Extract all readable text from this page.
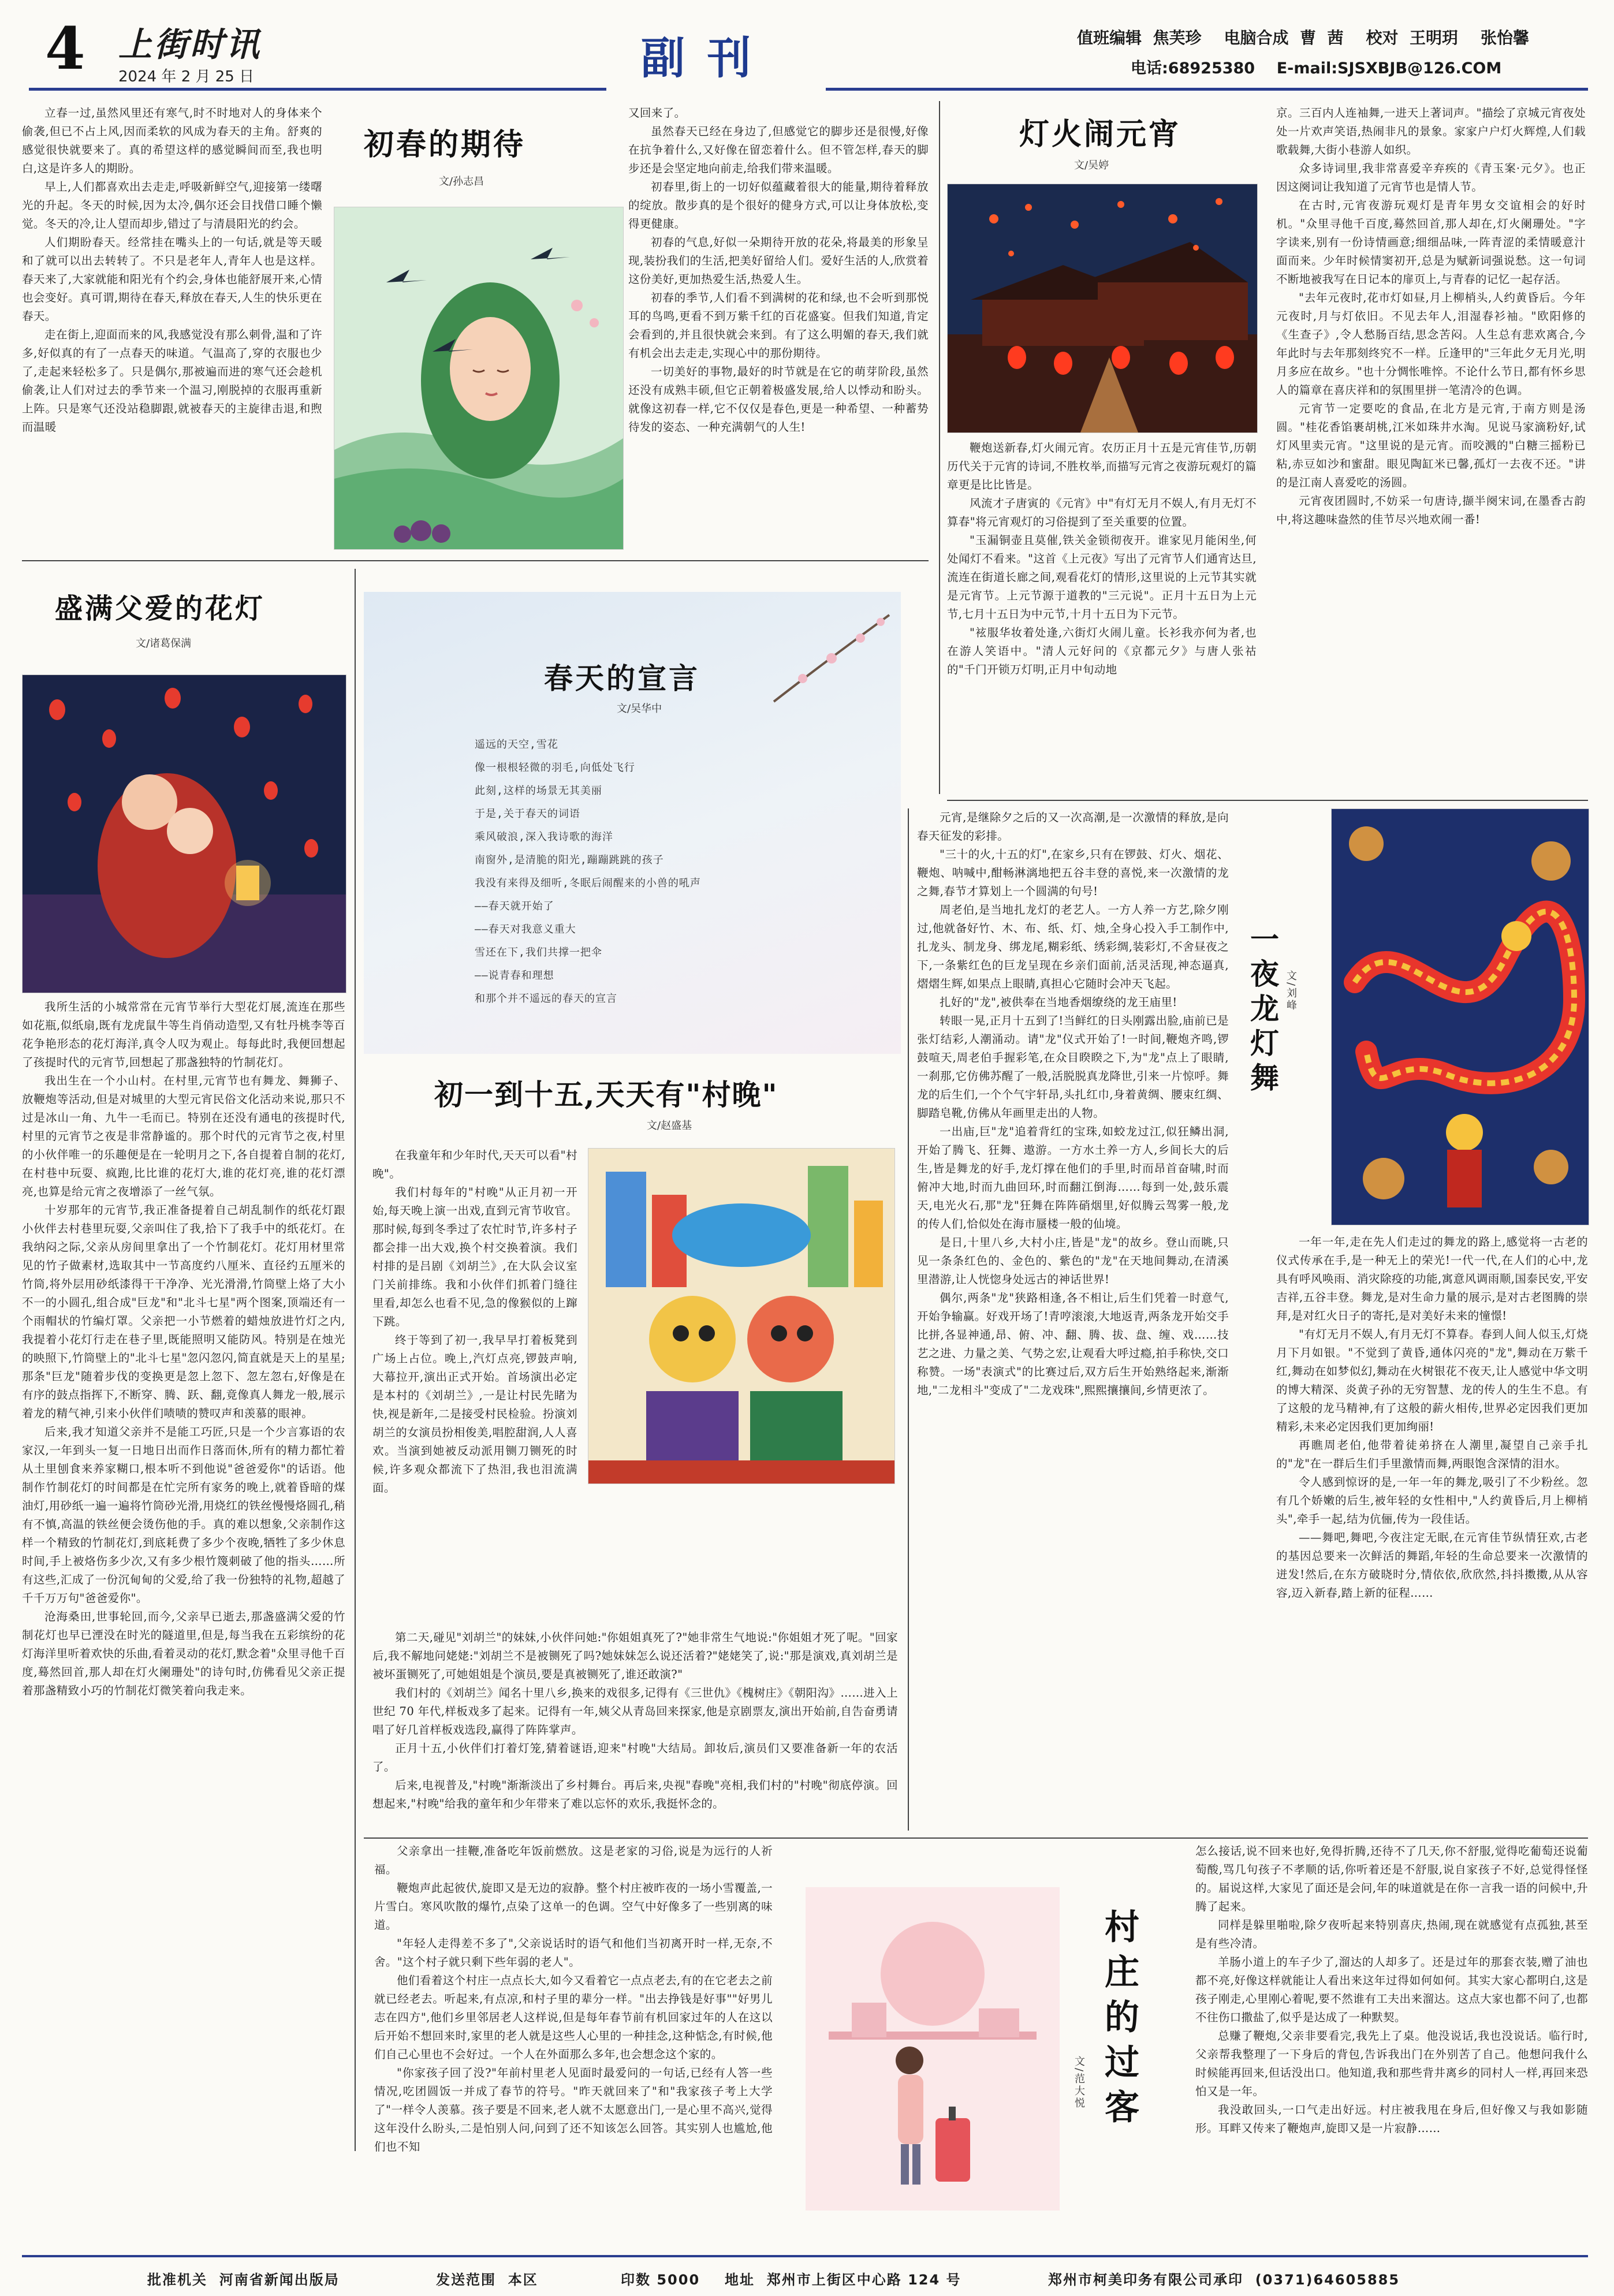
4 上街时讯
2024 年 2 月 25 日	副 刊	值班编辑  焦芙珍    电脑合成  曹  茜    校对  王明玥    张怡馨
电话:68925380    E-mail:SJSXBJB@126.COM

立春一过,虽然风里还有寒气,时不时地对人的身体来个偷袭,但已不占上风,因而柔软的风成为春天的主角。舒爽的感觉很快就要来了。真的希望这样的感觉瞬间而至,我也明白,这是许多人的期盼。

早上,人们都喜欢出去走走,呼吸新鲜空气,迎接第一缕曙光的升起。冬天的时候,因为太冷,偶尔还会目找借口睡个懒觉。冬天的冷,让人望而却步,错过了与清晨阳光的约会。

人们期盼春天。经常挂在嘴头上的一句话,就是等天暖和了就可以出去转转了。不只是老年人,青年人也是这样。春天来了,大家就能和阳光有个约会,身体也能舒展开来,心情也会变好。真可谓,期待在春天,释放在春天,人生的快乐更在春天。

走在街上,迎面而来的风,我感觉没有那么刺骨,温和了许多,好似真的有了一点春天的味道。气温高了,穿的衣服也少了,走起来轻松多了。只是偶尔,那被遍而进的寒气还会趁机偷袭,让人们对过去的季节来一个温习,刚脱掉的衣服再重新上阵。只是寒气还没站稳脚跟,就被春天的主旋律击退,和煦而温暖

初春的期待
文/孙志昌

又回来了。

虽然春天已经在身边了,但感觉它的脚步还是很慢,好像在抗争着什么,又好像在留恋着什么。但不管怎样,春天的脚步还是会坚定地向前走,给我们带来温暖。

初春里,街上的一切好似蕴藏着很大的能量,期待着释放的绽放。散步真的是个很好的健身方式,可以让身体放松,变得更健康。

初春的气息,好似一朵期待开放的花朵,将最美的形象呈现,装扮我们的生活,把美好留给人们。爱好生活的人,欣赏着这份美好,更加热爱生活,热爱人生。

初春的季节,人们看不到满树的花和绿,也不会听到那悦耳的鸟鸣,更看不到万紫千红的百花盛宴。但我们知道,肯定会看到的,并且很快就会来到。有了这么明媚的春天,我们就有机会出去走走,实现心中的那份期待。

一切美好的事物,最好的时节就是在它的萌芽阶段,虽然还没有成熟丰硕,但它正朝着极盛发展,给人以悸动和盼头。就像这初春一样,它不仅仅是春色,更是一种希望、一种蓄势待发的姿态、一种充满朝气的人生!

灯火闹元宵
文/吴婷

鞭炮送新春,灯火闹元宵。农历正月十五是元宵佳节,历朝历代关于元宵的诗词,不胜枚举,而描写元宵之夜游玩观灯的篇章更是比比皆是。

风流才子唐寅的《元宵》中"有灯无月不娱人,有月无灯不算春"将元宵观灯的习俗提到了至关重要的位置。

"玉漏铜壶且莫催,铁关金锁彻夜开。谁家见月能闲坐,何处闻灯不看来。"这首《上元夜》写出了元宵节人们通宵达旦,流连在街道长廊之间,观看花灯的情形,这里说的上元节其实就是元宵节。上元节源于道教的"三元说"。正月十五日为上元节,七月十五日为中元节,十月十五日为下元节。

"袨服华妆着处逢,六街灯火闹儿童。长衫我亦何为者,也在游人笑语中。"清人元好问的《京都元夕》与唐人张祜的"千门开锁万灯明,正月中旬动地

京。三百内人连袖舞,一进天上著词声。"描绘了京城元宵夜处处一片欢声笑语,热闹非凡的景象。家家户户灯火辉煌,人们载歌载舞,大街小巷游人如织。

众多诗词里,我非常喜爱辛弃疾的《青玉案·元夕》。也正因这阕词让我知道了元宵节也是情人节。

在古时,元宵夜游玩观灯是青年男女交谊相会的好时机。"众里寻他千百度,蓦然回首,那人却在,灯火阑珊处。"字字读来,别有一份诗情画意;细细品味,一阵青涩的柔情暖意汁面而来。少年时候情窦初开,总是为赋新词强说愁。这一句词不断地被我写在日记本的扉页上,与青春的记忆一起存活。

"去年元夜时,花市灯如昼,月上柳梢头,人约黄昏后。今年元夜时,月与灯依旧。不见去年人,泪湿春衫袖。"欧阳修的《生查子》,令人愁肠百结,思念苦闷。人生总有悲欢离合,今年此时与去年那刻终究不一样。丘逢甲的"三年此夕无月光,明月多应在故乡。"也十分惆怅唯悴。不论什么节日,都有怀乡思人的篇章在喜庆祥和的氛围里拼一笔清冷的色调。

元宵节一定要吃的食品,在北方是元宵,于南方则是汤圆。"桂花香馅裹胡桃,江米如珠井水淘。见说马家滴粉好,试灯风里卖元宵。"这里说的是元宵。而咬溅的"白糖三摇粉已粘,赤豆如沙和蜜甜。眼见陶缸米已馨,孤灯一去夜不还。"讲的是江南人喜爱吃的汤圆。

元宵夜团圆时,不妨采一句唐诗,撷半阕宋词,在墨香古韵中,将这趣味盎然的佳节尽兴地欢闹一番!

盛满父爱的花灯
文/诸葛保满

我所生活的小城常常在元宵节举行大型花灯展,流连在那些如花瓶,似纸扇,既有龙虎鼠牛等生肖俏动造型,又有牡丹桃李等百花争艳形态的花灯海洋,真令人叹为观止。每每此时,我便回想起了孩提时代的元宵节,回想起了那盏独特的竹制花灯。

我出生在一个小山村。在村里,元宵节也有舞龙、舞狮子、放鞭炮等活动,但是对城里的大型元宵民俗文化活动来说,那只不过是冰山一角、九牛一毛而已。特别在还没有通电的孩提时代,村里的元宵节之夜是非常静谧的。那个时代的元宵节之夜,村里的小伙伴唯一的乐趣便是在一轮明月之下,各自提着自制的花灯,在村巷中玩耍、疯跑,比比谁的花灯大,谁的花灯亮,谁的花灯漂亮,也算是给元宵之夜增添了一丝气氛。

十岁那年的元宵节,我正准备提着自己胡乱制作的纸花灯跟小伙伴去村巷里玩耍,父亲叫住了我,拾下了我手中的纸花灯。在我纳闷之际,父亲从房间里拿出了一个竹制花灯。花灯用材里常见的竹子做素材,选取其中一节高度约八厘米、直径约五厘米的竹筒,将外层用砂纸漆得干干净净、光光滑滑,竹筒壁上烙了大小不一的小圆孔,组合成"巨龙"和"北斗七星"两个图案,顶端还有一个雨帽状的竹编灯罩。父亲把一小节燃着的蜡烛放进竹灯之内,我提着小花灯行走在巷子里,既能照明又能防风。特别是在烛光的映照下,竹筒壁上的"北斗七星"忽闪忽闪,简直就是天上的星星;那条"巨龙"随着步伐的变换更是忽上忽下、忽左忽右,好像是在有序的鼓点指挥下,不断穿、腾、跃、翻,竟像真人舞龙一般,展示着龙的精气神,引来小伙伴们啧啧的赞叹声和羡慕的眼神。

后来,我才知道父亲并不是能工巧匠,只是一个少言寡语的农家汉,一年到头一复一日地日出而作日落而休,所有的精力都忙着从土里刨食来养家糊口,根本听不到他说"爸爸爱你"的话语。他制作竹制花灯的时间都是在忙完所有家务的晚上,就着昏暗的煤油灯,用砂纸一遍一遍将竹筒砂光滑,用烧红的铁丝慢慢烙圆孔,稍有不慎,高温的铁丝便会烫伤他的手。真的难以想象,父亲制作这样一个精致的竹制花灯,到底耗费了多少个夜晚,牺牲了多少休息时间,手上被烙伤多少次,又有多少根竹篾刺破了他的指头……所有这些,汇成了一份沉甸甸的父爱,给了我一份独特的礼物,超越了千千万万句"爸爸爱你"。

沧海桑田,世事轮回,而今,父亲早已逝去,那盏盛满父爱的竹制花灯也早已湮没在时光的隧道里,但是,每当我在五彩缤纷的花灯海洋里听着欢快的乐曲,看着灵动的花灯,默念着"众里寻他千百度,蓦然回首,那人却在灯火阑珊处"的诗句时,仿佛看见父亲正提着那盏精致小巧的竹制花灯微笑着向我走来。

春天的宣言
文/吴华中
遥远的天空,雪花
像一根根轻微的羽毛,向低处飞行
此刻,这样的场景无其美丽
于是,关于春天的词语
乘风破浪,深入我诗歌的海洋
南窗外,是清脆的阳光,蹦蹦跳跳的孩子
我没有来得及细听,冬眠后闹醒来的小兽的吼声
——春天就开始了
——春天对我意义重大
雪还在下,我们共撑一把伞
——说青春和理想
和那个并不遥远的春天的宣言
初一到十五,天天有"村晚"
文/赵盛基

在我童年和少年时代,天天可以看"村晚"。

我们村每年的"村晚"从正月初一开始,每天晚上演一出戏,直到元宵节收官。那时候,每到冬季过了农忙时节,许多村子都会排一出大戏,换个村交换着演。我们村排的是吕剧《刘胡兰》,在大队会议室门关前排练。我和小伙伴们抓着门缝往里看,却怎么也看不见,急的像猴似的上蹿下跳。

终于等到了初一,我早早打着板凳到广场上占位。晚上,汽灯点亮,锣鼓声响,大幕拉开,演出正式开始。首场演出必定是本村的《刘胡兰》,一是让村民先睹为快,视是新年,二是接受村民检验。扮演刘胡兰的女演员扮相俊美,唱腔甜润,人人喜欢。当演到她被反动派用铡刀铡死的时候,许多观众都流下了热泪,我也泪流满面。

第二天,碰见"刘胡兰"的妹妹,小伙伴问她:"你姐姐真死了?"她非常生气地说:"你姐姐才死了呢。"回家后,我不解地问姥姥:"刘胡兰不是被铡死了吗?她妹妹怎么说还活着?"姥姥笑了,说:"那是演戏,真刘胡兰是被坏蛋铡死了,可她姐姐是个演员,要是真被铡死了,谁还敢演?"

我们村的《刘胡兰》闻名十里八乡,换来的戏很多,记得有《三世仇》《槐树庄》《朝阳沟》……进入上世纪 70 年代,样板戏多了起来。记得有一年,姨父从青岛回来探家,他是京剧票友,演出开始前,自告奋勇请唱了好几首样板戏选段,赢得了阵阵掌声。

正月十五,小伙伴们打着灯笼,猜着谜语,迎来"村晚"大结局。卸妆后,演员们又要准备新一年的农活了。

后来,电视普及,"村晚"渐渐淡出了乡村舞台。再后来,央视"春晚"亮相,我们村的"村晚"彻底停演。回想起来,"村晚"给我的童年和少年带来了难以忘怀的欢乐,我挺怀念的。

元宵,是继除夕之后的又一次高潮,是一次激情的释放,是向春天征发的彩排。

"三十的火,十五的灯",在家乡,只有在锣鼓、灯火、烟花、鞭炮、呐喊中,酣畅淋漓地把五谷丰登的喜悦,来一次激情的龙之舞,春节才算划上一个圆满的句号!

周老伯,是当地扎龙灯的老艺人。一方人养一方艺,除夕刚过,他就备好竹、木、布、纸、灯、烛,全身心投入手工制作中,扎龙头、制龙身、绑龙尾,糊彩纸、绣彩绸,装彩灯,不舍昼夜之下,一条紫红色的巨龙呈现在乡亲们面前,活灵活现,神态逼真,熠熠生辉,如果点上眼睛,真担心它随时会冲天飞起。

扎好的"龙",被供奉在当地香烟缭绕的龙王庙里!

转眼一晃,正月十五到了!当鲜红的日头刚露出脸,庙前已是张灯结彩,人潮涌动。请"龙"仪式开始了!一时间,鞭炮齐鸣,锣鼓喧天,周老伯手握彩笔,在众目睽睽之下,为"龙"点上了眼睛,一刹那,它仿佛苏醒了一般,活脱脱真龙降世,引来一片惊呼。舞龙的后生们,一个个气宇轩昂,头扎红巾,身着黄绸、腰束红绸、脚踏皂靴,仿佛从年画里走出的人物。

一出庙,巨"龙"追着背红的宝珠,如蛟龙过江,似狂鳞出洞,开始了腾飞、狂舞、遨游。一方水土养一方人,乡间长大的后生,皆是舞龙的好手,龙灯撑在他们的手里,时而昂首奋啸,时而俯冲大地,时而九曲回环,时而翻江倒海……每到一处,鼓乐震天,电光火石,那"龙"狂舞在阵阵硝烟里,好似腾云驾雾一般,龙的传人们,恰似处在海市蜃楼一般的仙境。

是日,十里八乡,大村小庄,皆是"龙"的故乡。登山而眺,只见一条条红色的、金色的、紫色的"龙"在天地间舞动,在清溪里潜游,让人恍惚身处远古的神话世界!

偶尔,两条"龙"狭路相逢,各不相让,后生们凭着一时意气,开始争输赢。好戏开场了!青哼滚滚,大地返青,两条龙开始交手比拼,各显神通,昂、俯、冲、翻、腾、拔、盘、缠、戏……技艺之进、力量之美、气势之宏,让观看大呼过瘾,拍手称快,交口称赞。一场"表演式"的比赛过后,双方后生开始熟络起来,渐渐地,"二龙相斗"变成了"二龙戏珠",熙熙攘攘间,乡情更浓了。

一夜龙灯舞 文/刘峰

一年一年,走在先人们走过的舞龙的路上,感觉将一古老的仪式传承在手,是一种无上的荣光!一代一代,在人们的心中,龙具有呼风唤雨、消灾除疫的功能,寓意风调雨顺,国泰民安,平安吉祥,五谷丰登。舞龙,是对生命力量的展示,是对古老图腾的崇拜,是对红火日子的寄托,是对美好未来的憧憬!

"有灯无月不娱人,有月无灯不算春。春到人间人似玉,灯烧月下月如银。"不觉到了黄昏,通体闪亮的"龙",舞动在万紫千红,舞动在如梦似幻,舞动在火树银花不夜天,让人感觉中华文明的博大精深、炎黄子孙的无穷智慧、龙的传人的生生不息。有了这般的龙马精神,有了这般的薪火相传,世界必定因我们更加精彩,未来必定因我们更加绚丽!

再瞧周老伯,他带着徒弟挤在人潮里,凝望自己亲手扎的"龙"在一群后生们手里激情而舞,两眼饱含深情的泪水。

令人感到惊讶的是,一年一年的舞龙,吸引了不少粉丝。忽有几个娇嫩的后生,被年轻的女性相中,"人约黄昏后,月上柳梢头",牵手一起,结为伉俪,传为一段佳话。

——舞吧,舞吧,今夜注定无眠,在元宵佳节纵情狂欢,古老的基因总要来一次鲜活的舞蹈,年轻的生命总要来一次激情的迸发!然后,在东方破晓时分,情依依,欣欣然,抖抖擞擞,从从容容,迈入新春,踏上新的征程……

父亲拿出一挂鞭,准备吃年饭前燃放。这是老家的习俗,说是为远行的人祈福。

鞭炮声此起彼伏,旋即又是无边的寂静。整个村庄被昨夜的一场小雪覆盖,一片雪白。寒风吹散的爆竹,点染了这单一的色调。空气中好像多了一些别离的味道。

"年轻人走得差不多了",父亲说话时的语气和他们当初离开时一样,无奈,不舍。"这个村子就只剩下些年弱的老人"。

他们看着这个村庄一点点长大,如今又看着它一点点老去,有的在它老去之前就已经老去。听起来,有点凉,和村子里的辈分一样。"出去挣钱是好事""好男儿志在四方",他们乡里邻居老人这样说,但是每年春节前有机回家过年的人在这以后开始不想回来时,家里的老人就是这些人心里的一种挂念,这种惦念,有时候,他们自己心里也不会好过。一个人在外面那么多年,也会想念这个家的。

"你家孩子回了没?"年前村里老人见面时最爱问的一句话,已经有人答一些情况,吃团圆饭一并成了春节的符号。"昨天就回来了"和"我家孩子考上大学了"一样令人羡慕。孩子要是不回来,老人就不太愿意出门,一是心里不高兴,觉得这年没什么盼头,二是怕别人问,问到了还不知该怎么回答。其实别人也尴尬,他们也不知

村庄的过客
文/范大悦

怎么接话,说不回来也好,免得折腾,还待不了几天,你不舒服,觉得吃葡萄还说葡萄酸,骂几句孩子不孝顺的话,你听着还是不舒服,说自家孩子不好,总觉得怪怪的。届说这样,大家见了面还是会问,年的味道就是在你一言我一语的问候中,升腾了起来。

同样是躲里啪啦,除夕夜听起来特别喜庆,热闹,现在就感觉有点孤独,甚至是有些冷清。

羊肠小道上的车子少了,溜达的人却多了。还是过年的那套衣装,赠了油也都不亮,好像这样就能让人看出来这年过得如何如何。其实大家心都明白,这是孩子刚走,心里刚心着呢,要不然谁有工夫出来溜达。这点大家也都不问了,也都不往伤口撒盐了,似乎是达成了一种默契。

总赚了鞭炮,父亲非要看完,我先上了桌。他没说话,我也没说话。临行时,父亲帮我整理了一下身后的背包,告诉我出门在外别苦了自己。他想问我什么时候能再回来,但话没出口。他知道,我和那些背井离乡的同村人一样,再回来恐怕又是一年。

我没敢回头,一口气走出好远。村庄被我甩在身后,但好像又与我如影随形。耳畔又传来了鞭炮声,旋即又是一片寂静……

批准机关  河南省新闻出版局	发送范围  本区	印数 5000 地址  郑州市上街区中心路 124 号	郑州市柯美印务有限公司承印  (0371)64605885
